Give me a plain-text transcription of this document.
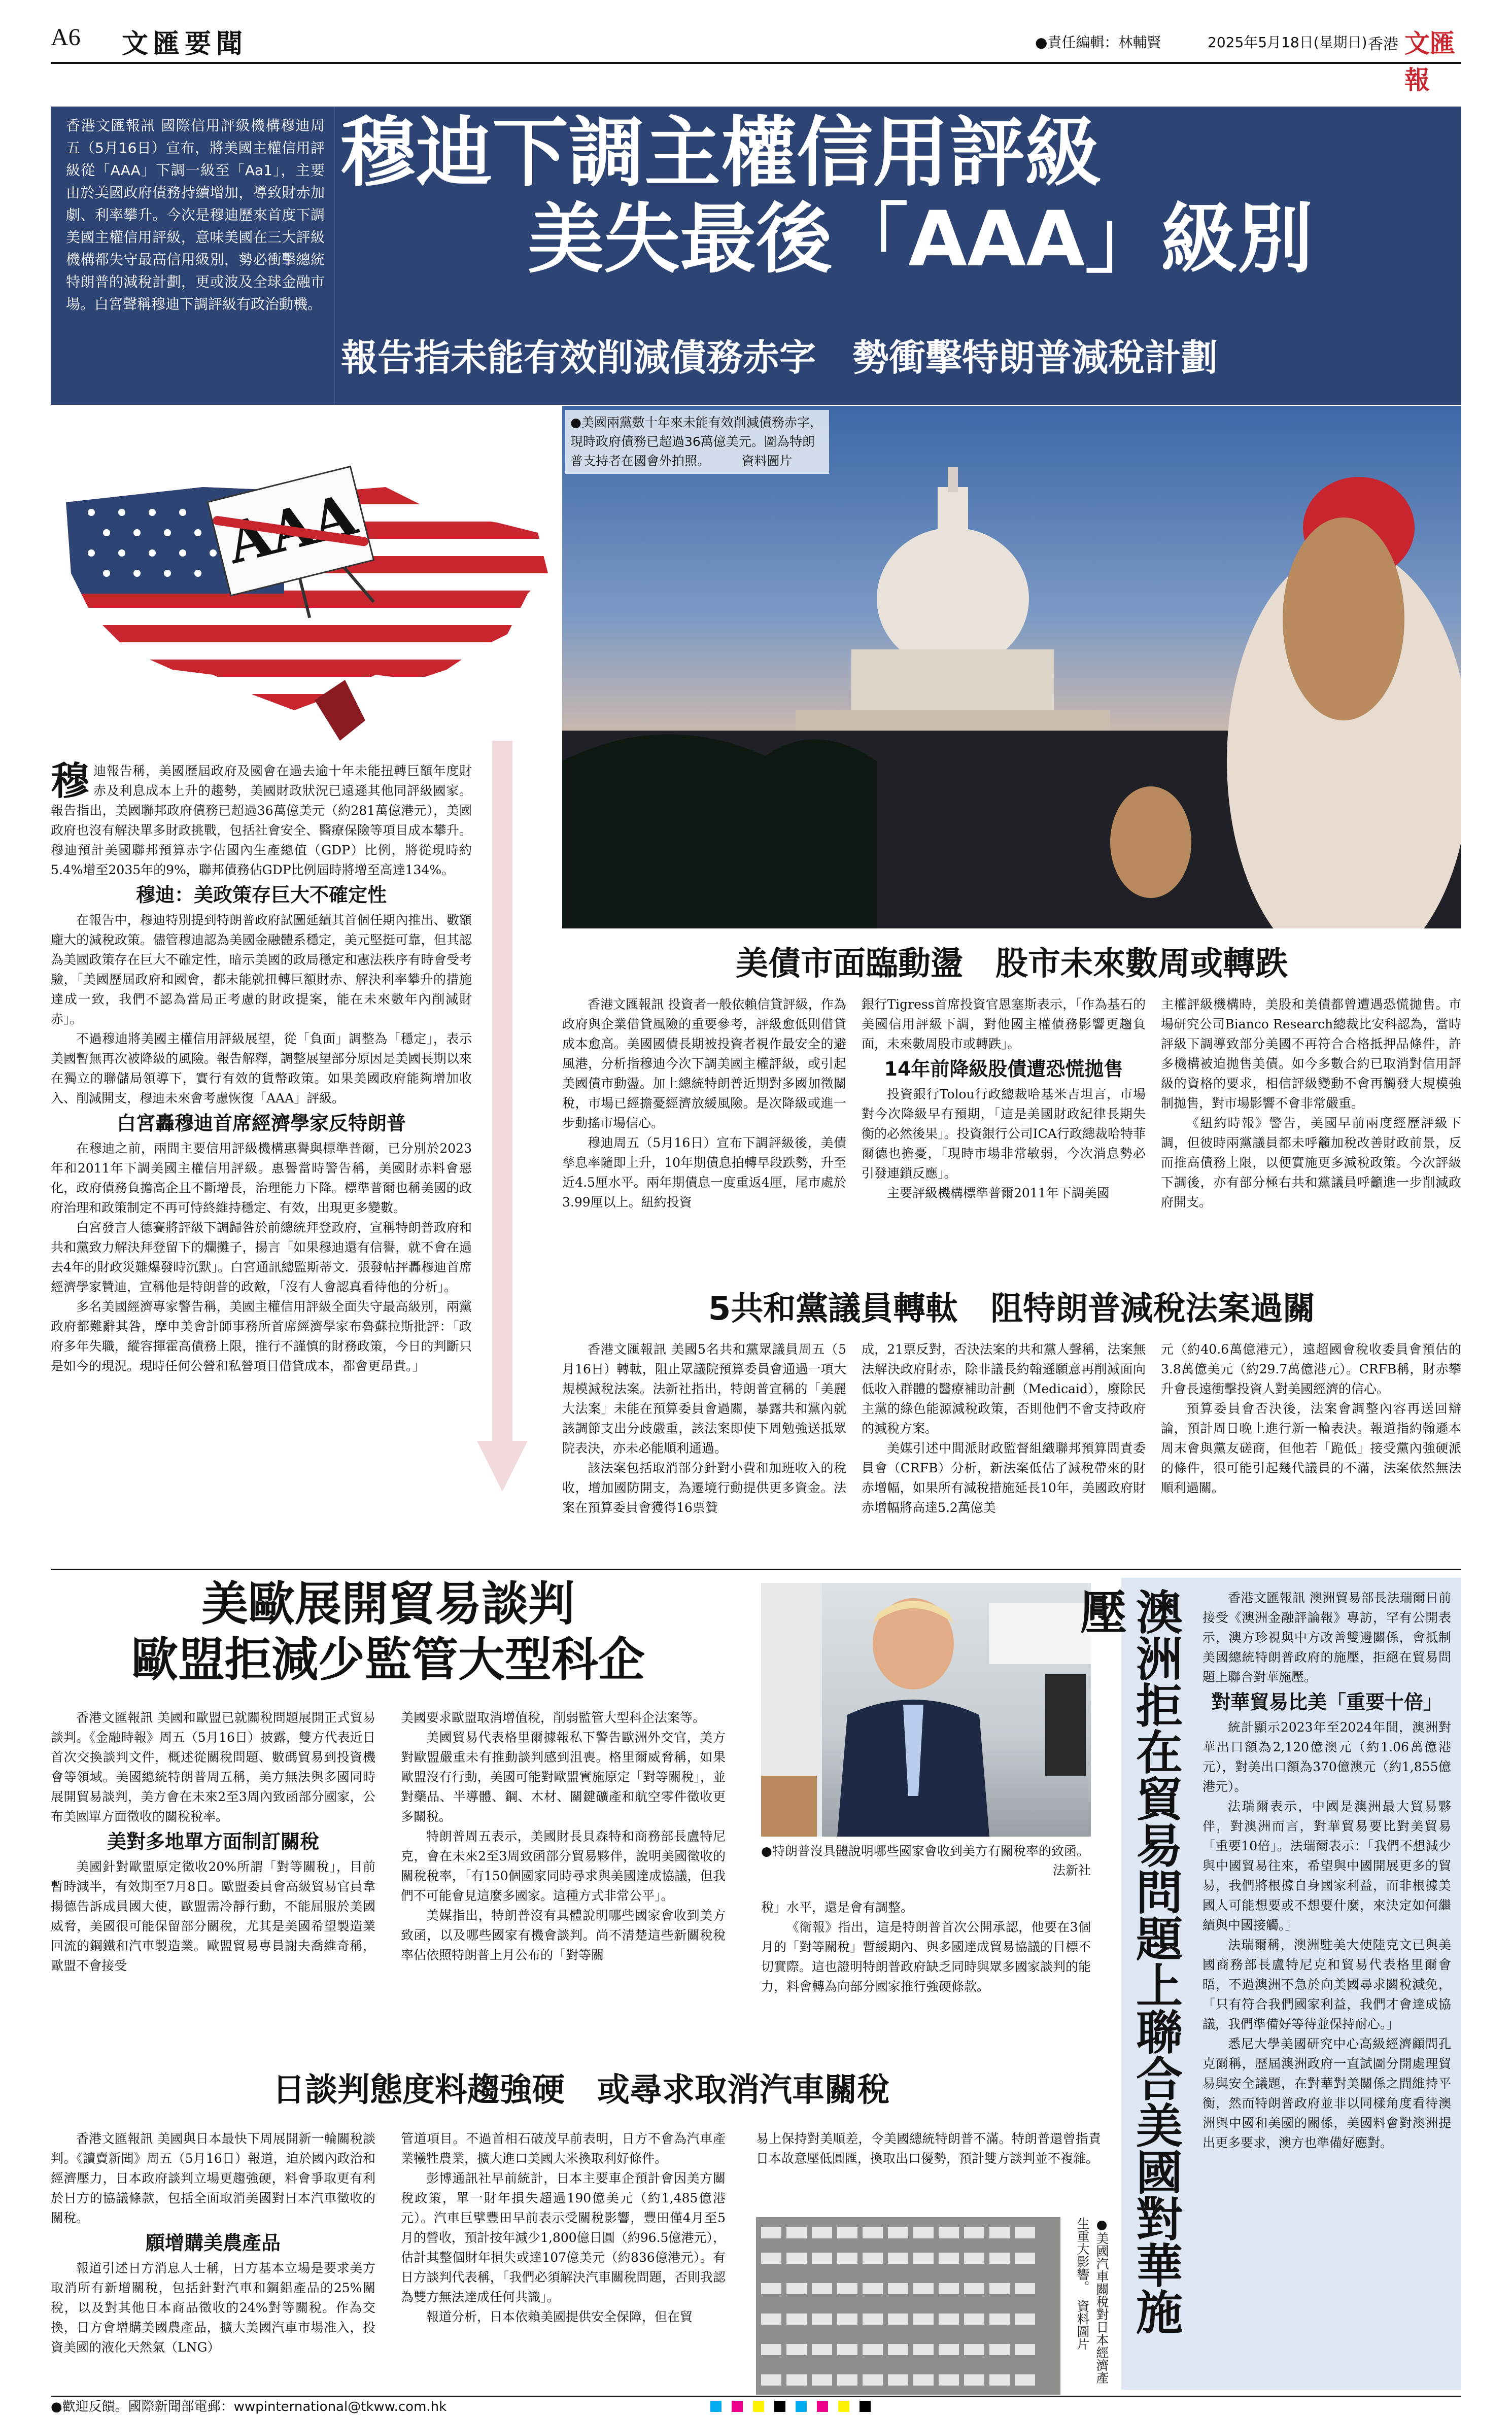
A6 文匯要聞	●責任編輯：林輔賢	2025年5月18日(星期日) 香港 文匯報

香港文匯報訊 國際信用評級機構穆迪周五（5月16日）宣布，將美國主權信用評級從「AAA」下調一級至「Aa1」，主要由於美國政府債務持續增加，導致財赤加劇、利率攀升。今次是穆迪歷來首度下調美國主權信用評級，意味美國在三大評級機構都失守最高信用級別，勢必衝擊總統特朗普的減稅計劃，更或波及全球金融市場。白宮聲稱穆迪下調評級有政治動機。

穆迪下調主權信用評級
美失最後「AAA」級別
報告指未能有效削減債務赤字　勢衝擊特朗普減稅計劃
●美國兩黨數十年來未能有效削減債務赤字，現時政府債務已超過36萬億美元。圖為特朗普支持者在國會外拍照。　　　資料圖片
穆 迪報告稱，美國歷屆政府及國會在過去逾十年未能扭轉巨額年度財赤及利息成本上升的趨勢，美國財政狀況已遠遜其他同評級國家。報告指出，美國聯邦政府債務已超過36萬億美元（約281萬億港元），美國政府也沒有解決單多財政挑戰，包括社會安全、醫療保險等項目成本攀升。穆迪預計美國聯邦預算赤字佔國內生產總值（GDP）比例，將從現時約5.4%增至2035年的9%，聯邦債務佔GDP比例屆時將增至高達134%。
穆迪：美政策存巨大不確定性

在報告中，穆迪特別提到特朗普政府試圖延續其首個任期內推出、數額龐大的減稅政策。儘管穆迪認為美國金融體系穩定，美元堅挺可靠，但其認為美國政策存在巨大不確定性，暗示美國的政局穩定和憲法秩序有時會受考驗，「美國歷屆政府和國會，都未能就扭轉巨額財赤、解決利率攀升的措施達成一致，我們不認為當局正考慮的財政提案，能在未來數年內削減財赤」。

不過穆迪將美國主權信用評級展望，從「負面」調整為「穩定」，表示美國暫無再次被降級的風險。報告解釋，調整展望部分原因是美國長期以來在獨立的聯儲局領導下，實行有效的貨幣政策。如果美國政府能夠增加收入、削減開支，穆迪未來會考慮恢復「AAA」評級。

白宮轟穆迪首席經濟學家反特朗普

在穆迪之前，兩間主要信用評級機構惠譽與標準普爾，已分別於2023年和2011年下調美國主權信用評級。惠譽當時警告稱，美國財赤料會惡化，政府債務負擔高企且不斷增長，治理能力下降。標準普爾也稱美國的政府治理和政策制定不再可恃終維持穩定、有效，出現更多變數。

白宮發言人德賽將評級下調歸咎於前總統拜登政府，宣稱特朗普政府和共和黨致力解決拜登留下的爛攤子，揚言「如果穆迪還有信譽，就不會在過去4年的財政災難爆發時沉默」。白宮通訊總監斯蒂文．張發帖抨轟穆迪首席經濟學家贊迪，宣稱他是特朗普的政敵，「沒有人會認真看待他的分析」。

多名美國經濟專家警告稱，美國主權信用評級全面失守最高級別，兩黨政府都難辭其咎，摩申美會計師事務所首席經濟學家布魯蘇拉斯批評：「政府多年失職，縱容揮霍高債務上限，推行不謹慎的財務政策，今日的判斷只是如今的現況。現時任何公營和私營項目借貸成本，都會更昂貴。」

美債市面臨動盪　股市未來數周或轉跌

香港文匯報訊 投資者一般依賴信貸評級，作為政府與企業借貸風險的重要參考，評級愈低則借貸成本愈高。美國國債長期被投資者視作最安全的避風港，分析指穆迪今次下調美國主權評級，或引起美國債市動盪。加上總統特朗普近期對多國加徵關稅，市場已經擔憂經濟放緩風險。是次降級或進一步動搖市場信心。

穆迪周五（5月16日）宣布下調評級後，美債孳息率隨即上升，10年期債息拍轉早段跌勢，升至近4.5厘水平。兩年期債息一度重返4厘，尾市處於3.99厘以上。紐約投資

銀行Tigress首席投資官恩塞斯表示，「作為基石的美國信用評級下調，對他國主權債務影響更趨負面，未來數周股市或轉跌」。

14年前降級股債遭恐慌拋售

投資銀行Tolou行政總裁哈基米吉坦言，市場對今次降級早有預期，「這是美國財政紀律長期失衡的必然後果」。投資銀行公司ICA行政總裁哈特菲爾德也擔憂，「現時市場非常敏弱，今次消息勢必引發連鎖反應」。

主要評級機構標準普爾2011年下調美國

主權評級機構時，美股和美債都曾遭遇恐慌拋售。市場研究公司Bianco Research總裁比安科認為，當時評級下調導致部分美國不再符合合格抵押品條件，許多機構被迫拋售美債。如今多數合約已取消對信用評級的資格的要求，相信評級變動不會再觸發大規模強制拋售，對市場影響不會非常嚴重。

《紐約時報》警告，美國早前兩度經歷評級下調，但彼時兩黨議員都未呼籲加稅改善財政前景，反而推高債務上限，以便實施更多減稅政策。今次評級下調後，亦有部分極右共和黨議員呼籲進一步削減政府開支。

5共和黨議員轉軚　阻特朗普減稅法案過關

香港文匯報訊 美國5名共和黨眾議員周五（5月16日）轉軚，阻止眾議院預算委員會通過一項大規模減稅法案。法新社指出，特朗普宣稱的「美麗大法案」未能在預算委員會過關，暴露共和黨內就該調節支出分歧嚴重，該法案即使下周勉強送抵眾院表決，亦未必能順利通過。

該法案包括取消部分針對小費和加班收入的稅收，增加國防開支，為遷境行動提供更多資金。法案在預算委員會獲得16票贊

成，21票反對，否決法案的共和黨人聲稱，法案無法解決政府財赤，除非議長約翰遜願意再削減面向低收入群體的醫療補助計劃（Medicaid），廢除民主黨的綠色能源減稅政策，否則他們不會支持政府的減稅方案。

美媒引述中間派財政監督組織聯邦預算問責委員會（CRFB）分析，新法案低估了減稅帶來的財赤增幅，如果所有減稅措施延長10年，美國政府財赤增幅將高達5.2萬億美

元（約40.6萬億港元），遠超國會稅收委員會預估的3.8萬億美元（約29.7萬億港元）。CRFB稱，財赤攀升會長遠衝擊投資人對美國經濟的信心。

預算委員會否決後，法案會調整內容再送回辯論，預計周日晚上進行新一輪表決。報道指約翰遜本周末會與黨友磋商，但他若「跪低」接受黨內強硬派的條件，很可能引起幾代議員的不滿，法案依然無法順利過關。

美歐展開貿易談判
歐盟拒減少監管大型科企

香港文匯報訊 美國和歐盟已就關稅問題展開正式貿易談判。《金融時報》周五（5月16日）披露，雙方代表近日首次交換談判文件，概述從關稅問題、數碼貿易到投資機會等領域。美國總統特朗普周五稱，美方無法與多國同時展開貿易談判，美方會在未來2至3周內致函部分國家，公布美國單方面徵收的關稅稅率。

美對多地單方面制訂關稅

美國針對歐盟原定徵收20%所謂「對等關稅」，目前暫時減半，有效期至7月8日。歐盟委員會高級貿易官員韋揚德告訴成員國大使，歐盟需冷靜行動，不能屈服於美國威脅，美國很可能保留部分關稅，尤其是美國希望製造業回流的鋼鐵和汽車製造業。歐盟貿易專員謝夫喬維奇稱，歐盟不會接受

美國要求歐盟取消增值稅，削弱監管大型科企法案等。

美國貿易代表格里爾據報私下警告歐洲外交官，美方對歐盟嚴重未有推動談判感到沮喪。格里爾威脅稱，如果歐盟沒有行動，美國可能對歐盟實施原定「對等關稅」，並對藥品、半導體、鋼、木材、關鍵礦產和航空零件徵收更多關稅。

特朗普周五表示，美國財長貝森特和商務部長盧特尼克，會在未來2至3周致函部分貿易夥伴，說明美國徵收的關稅稅率，「有150個國家同時尋求與美國達成協議，但我們不可能會見這麼多國家。這種方式非常公平」。

美媒指出，特朗普沒有具體說明哪些國家會收到美方致函，以及哪些國家有機會談判。尚不清楚這些新關稅稅率佔依照特朗普上月公布的「對等關

●特朗普沒具體說明哪些國家會收到美方有關稅率的致函。
法新社

稅」水平，還是會有調整。

《衛報》指出，這是特朗普首次公開承認，他要在3個月的「對等關稅」暫緩期內、與多國達成貿易協議的目標不切實際。這也證明特朗普政府缺乏同時與眾多國家談判的能力，料會轉為向部分國家推行強硬條款。

日談判態度料趨強硬　或尋求取消汽車關稅

香港文匯報訊 美國與日本最快下周展開新一輪關稅談判。《讀賣新聞》周五（5月16日）報道，迫於國內政治和經濟壓力，日本政府談判立場更趨強硬，料會爭取更有利於日方的協議條款，包括全面取消美國對日本汽車徵收的關稅。

願增購美農產品

報道引述日方消息人士稱，日方基本立場是要求美方取消所有新增關稅，包括針對汽車和鋼鋁產品的25%關稅，以及對其他日本商品徵收的24%對等關稅。作為交換，日方會增購美國農產品，擴大美國汽車市場准入，投資美國的液化天然氣（LNG）

管道項目。不過首相石破茂早前表明，日方不會為汽車產業犧牲農業，擴大進口美國大米換取利好條件。

彭博通訊社早前統計，日本主要車企預計會因美方關稅政策，單一財年損失超過190億美元（約1,485億港元）。汽車巨擘豐田早前表示受關稅影響，豐田僅4月至5月的營收，預計按年減少1,800億日圓（約96.5億港元），估計其整個財年損失或達107億美元（約836億港元）。有日方談判代表稱，「我們必須解決汽車關稅問題，否則我認為雙方無法達成任何共識」。

報道分析，日本依賴美國提供安全保障，但在貿

易上保持對美順差，令美國總統特朗普不滿。特朗普還曾指責日本故意壓低圓匯，換取出口優勢，預計雙方談判並不複雜。

●美國汽車關稅對日本經濟產生重大影響。　資料圖片 澳洲拒在貿易問題上聯合美國對華施壓	香港文匯報訊 澳洲貿易部長法瑞爾日前接受《澳洲金融評論報》專訪，罕有公開表示，澳方珍視與中方改善雙邊關係，會抵制美國總統特朗普政府的施壓，拒絕在貿易問題上聯合對華施壓。

對華貿易比美「重要十倍」

統計顯示2023年至2024年間，澳洲對華出口額為2,120億澳元（約1.06萬億港元），對美出口額為370億澳元（約1,855億港元）。

法瑞爾表示，中國是澳洲最大貿易夥伴，對澳洲而言，對華貿易要比對美貿易「重要10倍」。法瑞爾表示：「我們不想減少與中國貿易往來，希望與中國開展更多的貿易，我們將根據自身國家利益，而非根據美國人可能想要或不想要什麼，來決定如何繼續與中國接觸。」

法瑞爾稱，澳洲駐美大使陸克文已與美國商務部長盧特尼克和貿易代表格里爾會晤，不過澳洲不急於向美國尋求關稅減免，「只有符合我們國家利益，我們才會達成協議，我們準備好等待並保持耐心。」

悉尼大學美國研究中心高級經濟顧問孔克爾稱，歷屆澳洲政府一直試圖分開處理貿易與安全議題，在對華對美關係之間維持平衡，然而特朗普政府並非以同樣角度看待澳洲與中國和美國的關係，美國料會對澳洲提出更多要求，澳方也準備好應對。

●歡迎反饋。國際新聞部電郵：wwpinternational@tkww.com.hk
